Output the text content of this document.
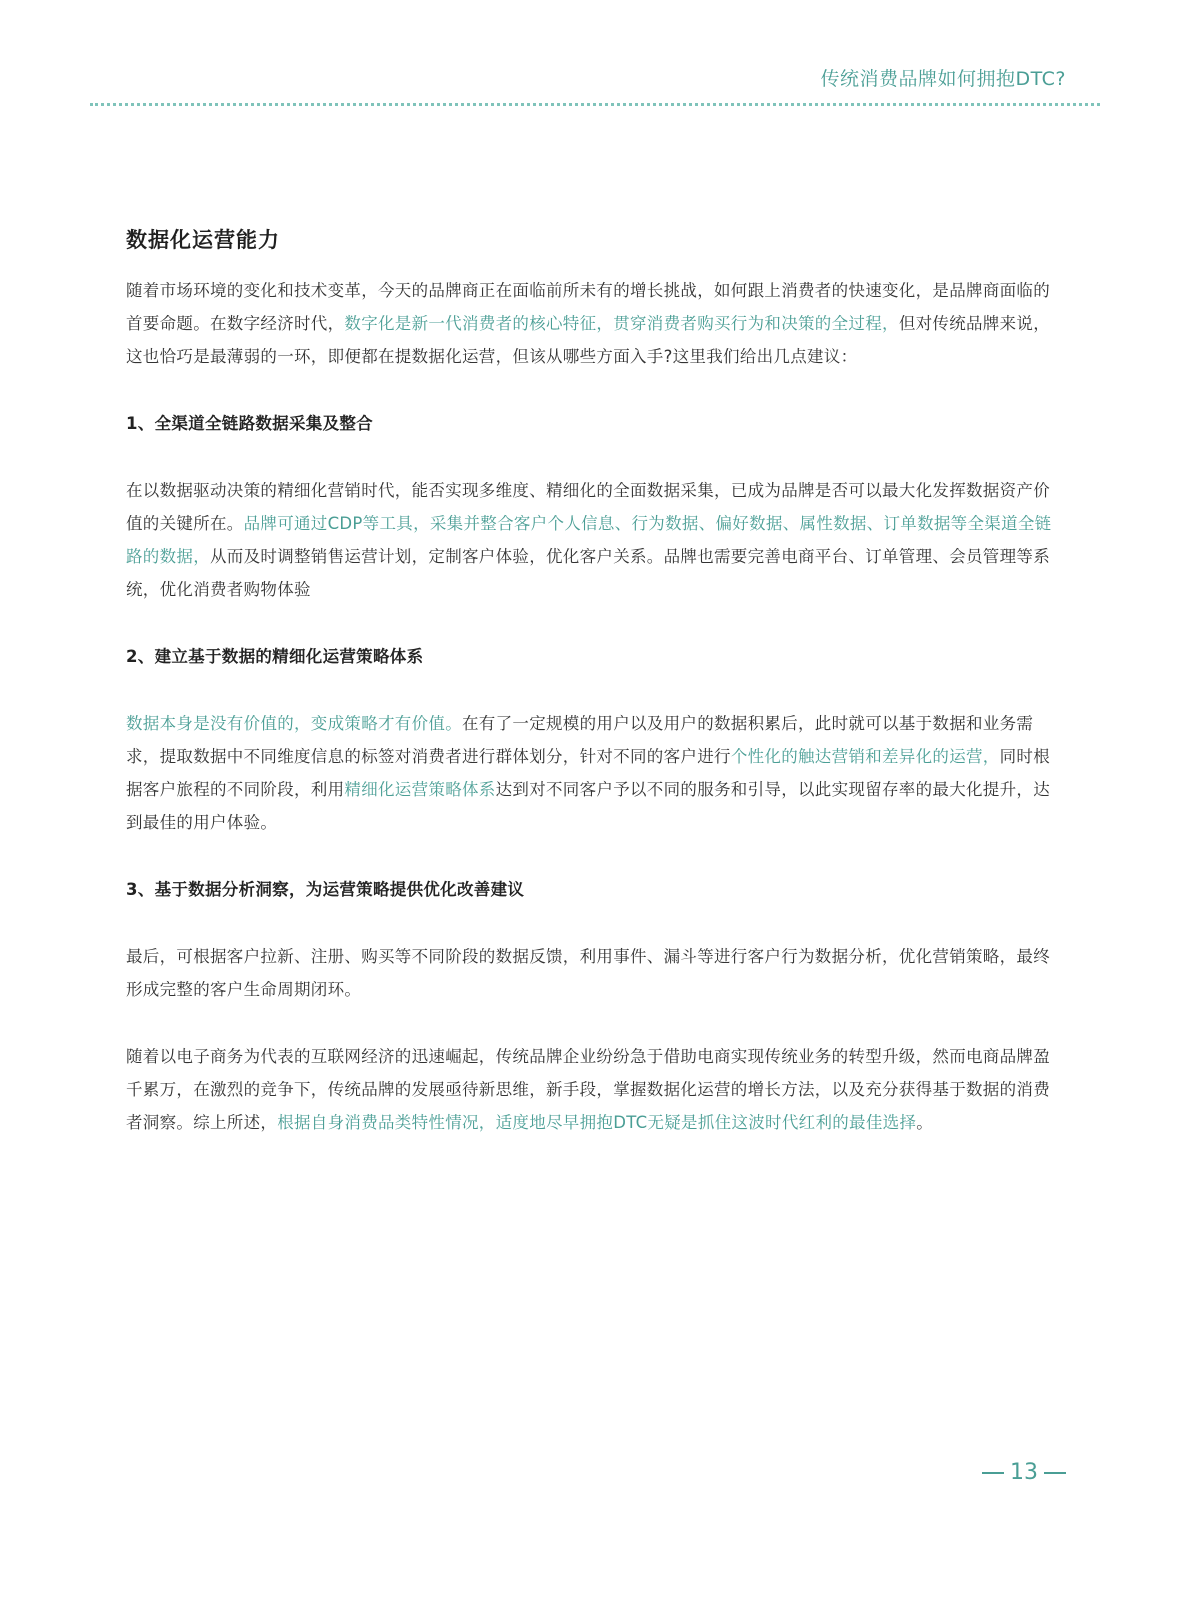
传统消费品牌如何拥抱DTC?
数据化运营能力

随着市场环境的变化和技术变革，今天的品牌商正在面临前所未有的增长挑战，如何跟上消费者的快速变化，是品牌商面临的首要命题。在数字经济时代，数字化是新一代消费者的核心特征，贯穿消费者购买行为和决策的全过程，但对传统品牌来说，这也恰巧是最薄弱的一环，即便都在提数据化运营，但该从哪些方面入手?这里我们给出几点建议：

1、全渠道全链路数据采集及整合

在以数据驱动决策的精细化营销时代，能否实现多维度、精细化的全面数据采集，已成为品牌是否可以最大化发挥数据资产价值的关键所在。品牌可通过CDP等工具，采集并整合客户个人信息、行为数据、偏好数据、属性数据、订单数据等全渠道全链路的数据，从而及时调整销售运营计划，定制客户体验，优化客户关系。品牌也需要完善电商平台、订单管理、会员管理等系统，优化消费者购物体验

2、建立基于数据的精细化运营策略体系

数据本身是没有价值的，变成策略才有价值。在有了一定规模的用户以及用户的数据积累后，此时就可以基于数据和业务需求，提取数据中不同维度信息的标签对消费者进行群体划分，针对不同的客户进行个性化的触达营销和差异化的运营，同时根据客户旅程的不同阶段，利用精细化运营策略体系达到对不同客户予以不同的服务和引导，以此实现留存率的最大化提升，达到最佳的用户体验。

3、基于数据分析洞察，为运营策略提供优化改善建议

最后，可根据客户拉新、注册、购买等不同阶段的数据反馈，利用事件、漏斗等进行客户行为数据分析，优化营销策略，最终形成完整的客户生命周期闭环。

随着以电子商务为代表的互联网经济的迅速崛起，传统品牌企业纷纷急于借助电商实现传统业务的转型升级，然而电商品牌盈千累万，在激烈的竞争下，传统品牌的发展亟待新思维，新手段，掌握数据化运营的增长方法，以及充分获得基于数据的消费者洞察。综上所述，根据自身消费品类特性情况，适度地尽早拥抱DTC无疑是抓住这波时代红利的最佳选择。

13
